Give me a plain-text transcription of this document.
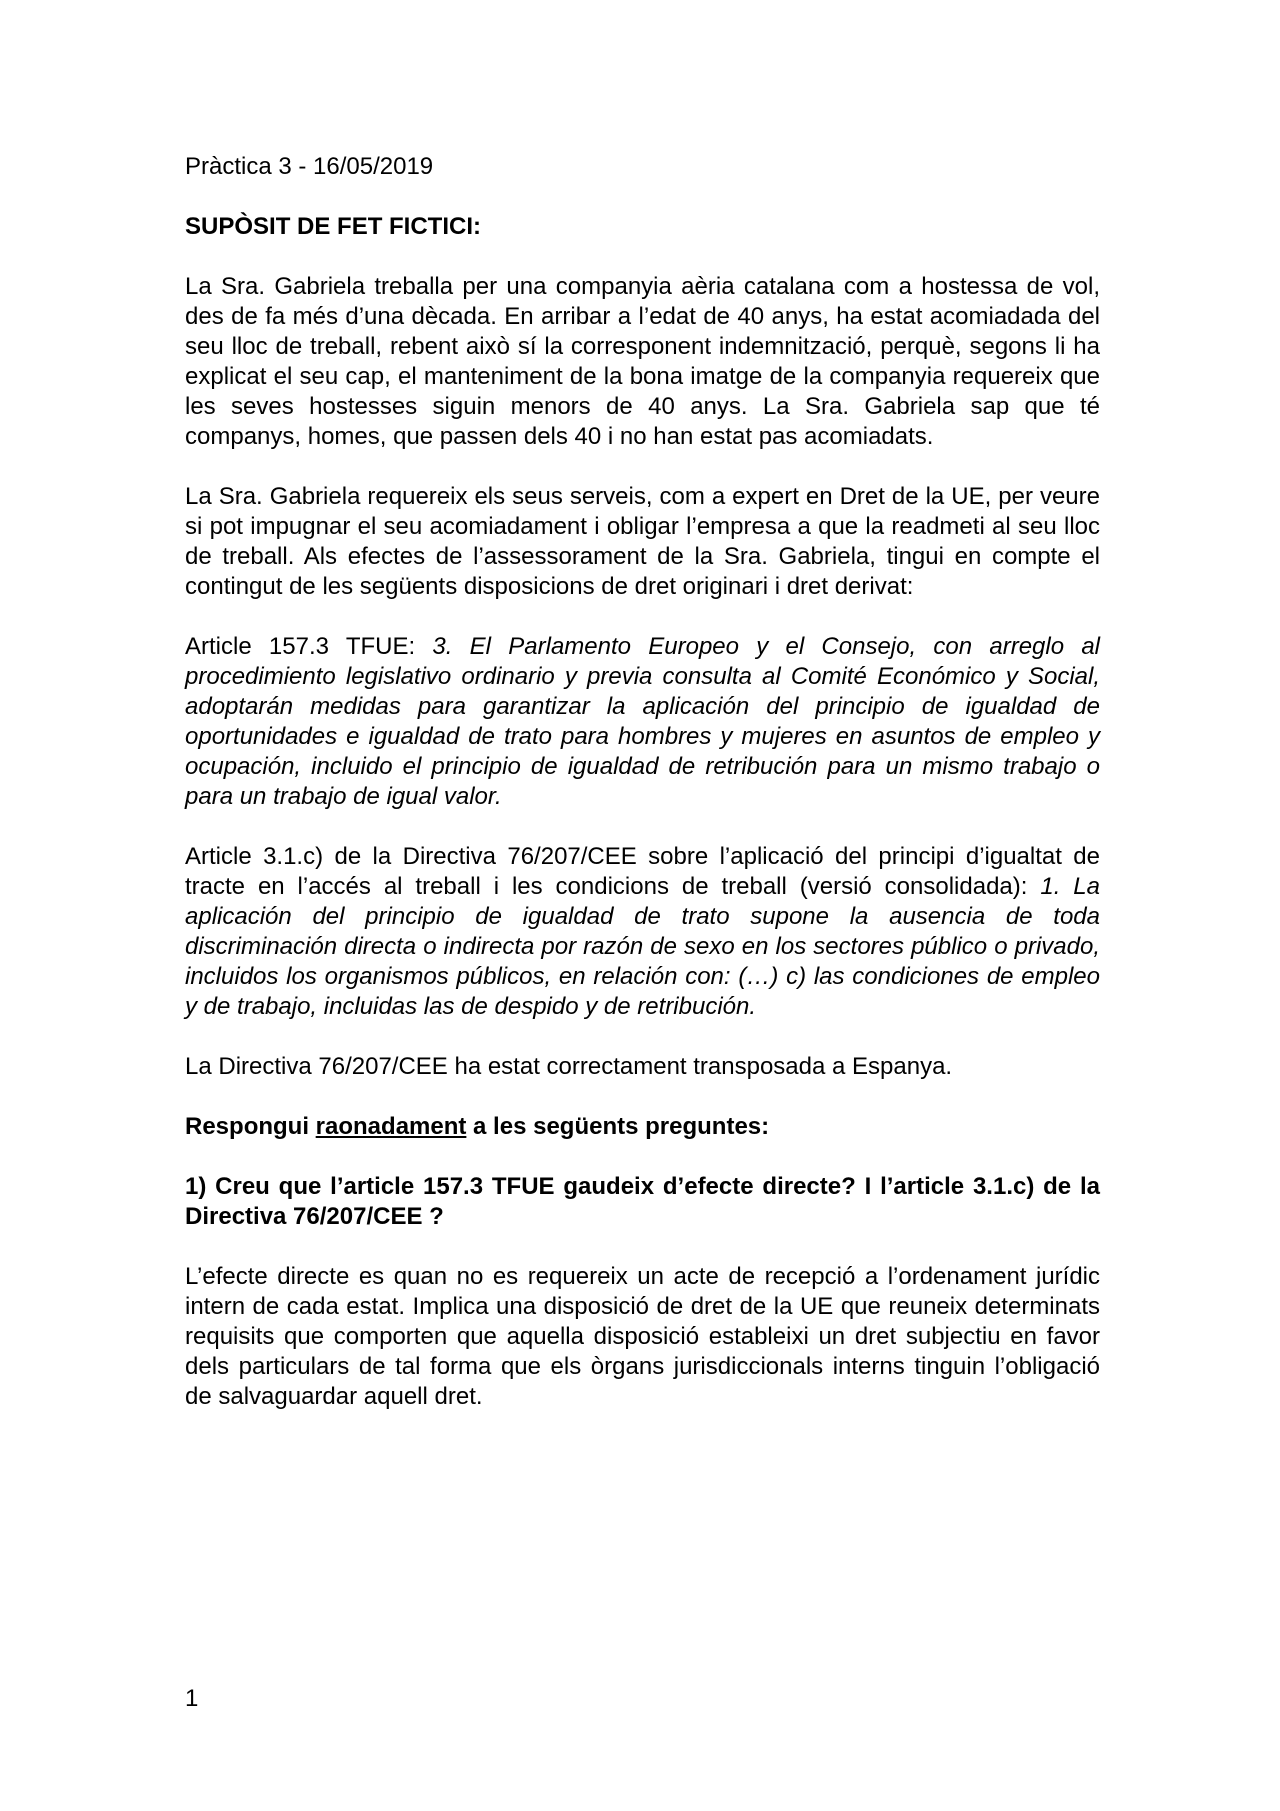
Pràctica 3 - 16/05/2019

SUPÒSIT DE FET FICTICI:

La Sra. Gabriela treballa per una companyia aèria catalana com a hostessa de vol, des de fa més d’una dècada. En arribar a l’edat de 40 anys, ha estat acomiadada del seu lloc de treball, rebent això sí la corresponent indemnització, perquè, segons li ha explicat el seu cap, el manteniment de la bona imatge de la companyia requereix que les seves hostesses siguin menors de 40 anys. La Sra. Gabriela sap que té companys, homes, que passen dels 40 i no han estat pas acomiadats.

La Sra. Gabriela requereix els seus serveis, com a expert en Dret de la UE, per veure si pot impugnar el seu acomiadament i obligar l’empresa a que la readmeti al seu lloc de treball. Als efectes de l’assessorament de la Sra. Gabriela, tingui en compte el contingut de les següents disposicions de dret originari i dret derivat:

Article 157.3 TFUE: 3. El Parlamento Europeo y el Consejo, con arreglo al procedimiento legislativo ordinario y previa consulta al Comité Económico y Social, adoptarán medidas para garantizar la aplicación del principio de igualdad de oportunidades e igualdad de trato para hombres y mujeres en asuntos de empleo y ocupación, incluido el principio de igualdad de retribución para un mismo trabajo o para un trabajo de igual valor.

Article 3.1.c) de la Directiva 76/207/CEE sobre l’aplicació del principi d’igualtat de tracte en l’accés al treball i les condicions de treball (versió consolidada): 1. La aplicación del principio de igualdad de trato supone la ausencia de toda discriminación directa o indirecta por razón de sexo en los sectores público o privado, incluidos los organismos públicos, en relación con: (…) c) las condiciones de empleo y de trabajo, incluidas las de despido y de retribución.

La Directiva 76/207/CEE ha estat correctament transposada a Espanya.

Respongui raonadament a les següents preguntes:

1) Creu que l’article 157.3 TFUE gaudeix d’efecte directe? I l’article 3.1.c) de la Directiva 76/207/CEE ?

L’efecte directe es quan no es requereix un acte de recepció a l’ordenament jurídic intern de cada estat. Implica una disposició de dret de la UE que reuneix determinats requisits que comporten que aquella disposició estableixi un dret subjectiu en favor dels particulars de tal forma que els òrgans jurisdiccionals interns tinguin l’obligació de salvaguardar aquell dret.

1
